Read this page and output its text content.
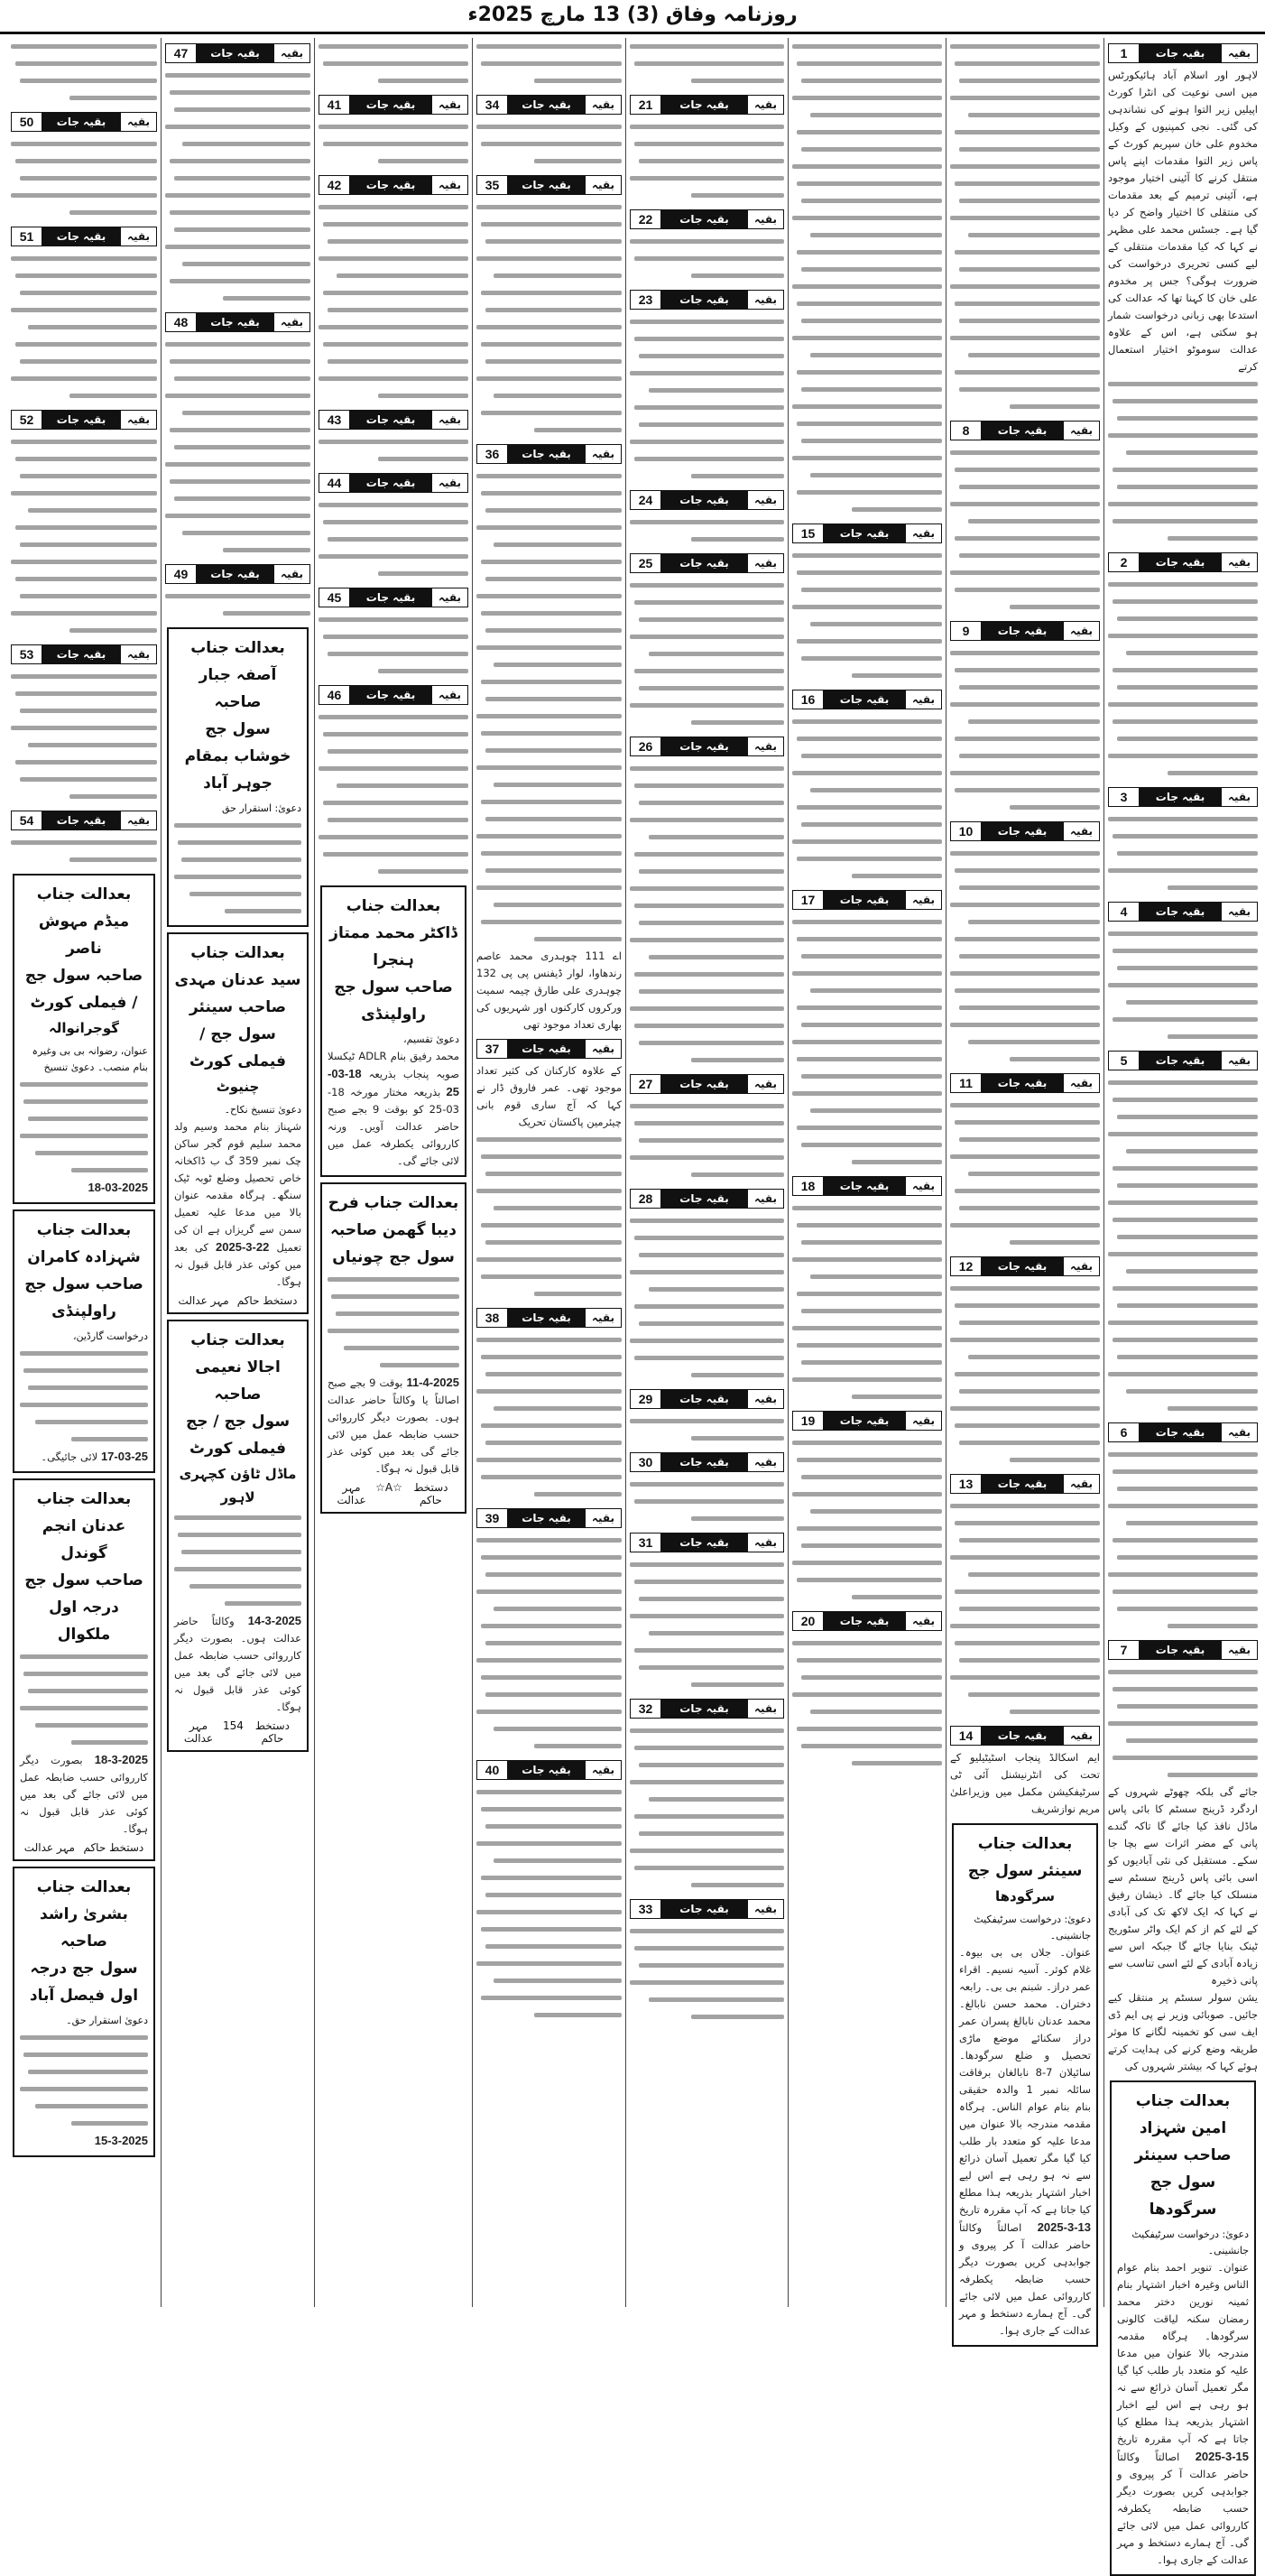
روزنامہ وفاق (3) 13 مارچ 2025ء
بقیہ
بقیہ جات
1
لاہور اور اسلام آباد ہائیکورٹس میں اسی نوعیت کی انٹرا کورٹ اپیلیں زیر التوا ہونے کی نشاندہی کی گئی۔ نجی کمپنیوں کے وکیل مخدوم علی خان سپریم کورٹ کے پاس زیر التوا مقدمات اپنے پاس منتقل کرنے کا آئینی اختیار موجود ہے، آئینی ترمیم کے بعد مقدمات کی منتقلی کا اختیار واضح کر دیا گیا ہے۔ جسٹس محمد علی مظہر نے کہا کہ کیا مقدمات منتقلی کے لیے کسی تحریری درخواست کی ضرورت ہوگی؟ جس پر مخدوم علی خان کا کہنا تھا کہ عدالت کی استدعا بھی زبانی درخواست شمار ہو سکتی ہے، اس کے علاوہ عدالت سوموٹو اختیار استعمال کرتے
بقیہ
بقیہ جات
2
بقیہ
بقیہ جات
3
بقیہ
بقیہ جات
4
بقیہ
بقیہ جات
5
بقیہ
بقیہ جات
6
بقیہ
بقیہ جات
7
جائے گی بلکہ چھوٹے شہروں کے اردگرد ڈرینج سسٹم کا بائی پاس ماڈل نافذ کیا جائے گا تاکہ گندے پانی کے مضر اثرات سے بچا جا سکے۔ مستقبل کی نئی آبادیوں کو اسی بائی پاس ڈرینج سسٹم سے منسلک کیا جائے گا۔ ذیشان رفیق نے کہا کہ ایک لاکھ تک کی آبادی کے لئے کم از کم ایک واٹر سٹوریج ٹینک بنایا جائے گا جبکہ اس سے زیادہ آبادی کے لئے اسی تناسب سے پانی ذخیرہ
یشن سولر سسٹم پر منتقل کیے جائیں۔ صوبائی وزیر نے پی ایم ڈی ایف سی کو تخمینہ لگانے کا موثر طریقہ وضع کرنے کی ہدایت کرتے ہوئے کہا کہ بیشتر شہروں کی
بعدالت جناب امین شہزاد صاحب سینئر
سول جج سرگودھا
دعویٰ: درخواست سرٹیفکیٹ جانشینی۔
عنوان۔ تنویر احمد بنام عوام الناس وغیرہ اخبار اشتہار بنام ثمینہ نورین دختر محمد رمضان سکنہ لیاقت کالونی سرگودھا۔ ہرگاہ مقدمہ مندرجہ بالا عنوان میں مدعا علیہ کو متعدد بار طلب کیا گیا مگر تعمیل آسان ذرائع سے نہ ہو رہی ہے اس لیے اخبار اشتہار بذریعہ ہذا مطلع کیا جاتا ہے کہ آپ مقررہ تاریخ 15-3-2025 اصالتاً وکالتاً حاضر عدالت آ کر پیروی و جوابدہی کریں بصورت دیگر حسب ضابطہ یکطرفہ کارروائی عمل میں لائی جائے گی۔ آج ہمارے دستخط و مہر عدالت کے جاری ہوا۔
بقیہ
بقیہ جات
8
بقیہ
بقیہ جات
9
بقیہ
بقیہ جات
10
بقیہ
بقیہ جات
11
بقیہ
بقیہ جات
12
بقیہ
بقیہ جات
13
بقیہ
بقیہ جات
14
ایم اسکالڈ پنجاب اسٹیٹیلیو کے تحت کی انٹرنیشنل آئی ٹی سرٹیفکیشن مکمل میں وزیراعلیٰ مریم نوازشریف
بعدالت جناب
سینئر سول جج
سرگودھا
دعویٰ: درخواست سرٹیفکیٹ جانشینی۔
عنوان۔ جلاں بی بی بیوہ۔ غلام کوثر۔ آسیہ نسیم۔ اقراء عمر دراز۔ شبنم بی بی۔ رابعہ دختران۔ محمد حسن نابالغ۔ محمد عدنان نابالغ پسران عمر دراز سکنائے موضع ماڑی تحصیل و ضلع سرگودھا۔ سائیلان 7-8 نابالغان برفاقت سائلہ نمبر 1 والدہ حقیقی بنام بنام عوام الناس۔ ہرگاہ مقدمہ مندرجہ بالا عنوان میں مدعا علیہ کو متعدد بار طلب کیا گیا مگر تعمیل آسان ذرائع سے نہ ہو رہی ہے اس لیے اخبار اشتہار بذریعہ ہذا مطلع کیا جاتا ہے کہ آپ مقررہ تاریخ 13-3-2025 اصالتاً وکالتاً حاضر عدالت آ کر پیروی و جوابدہی کریں بصورت دیگر حسب ضابطہ یکطرفہ کارروائی عمل میں لائی جائے گی۔ آج ہمارے دستخط و مہر عدالت کے جاری ہوا۔
بقیہ
بقیہ جات
15
بقیہ
بقیہ جات
16
بقیہ
بقیہ جات
17
بقیہ
بقیہ جات
18
بقیہ
بقیہ جات
19
بقیہ
بقیہ جات
20
بقیہ
بقیہ جات
21
بقیہ
بقیہ جات
22
بقیہ
بقیہ جات
23
بقیہ
بقیہ جات
24
بقیہ
بقیہ جات
25
بقیہ
بقیہ جات
26
بقیہ
بقیہ جات
27
بقیہ
بقیہ جات
28
بقیہ
بقیہ جات
29
بقیہ
بقیہ جات
30
بقیہ
بقیہ جات
31
بقیہ
بقیہ جات
32
بقیہ
بقیہ جات
33
بقیہ
بقیہ جات
34
بقیہ
بقیہ جات
35
بقیہ
بقیہ جات
36
اے 111 چوہدری محمد عاصم رندھاوا، لوار ڈیفنس پی پی 132 چوہدری علی طارق چیمہ سمیت ورکروں کارکنوں اور شہریوں کی بھاری تعداد موجود تھی
بقیہ
بقیہ جات
37
کے علاوہ کارکنان کی کثیر تعداد موجود تھی۔ عمر فاروق ڈار نے کہا کہ آج ساری قوم بانی چیئرمین پاکستان تحریک
بقیہ
بقیہ جات
38
بقیہ
بقیہ جات
39
بقیہ
بقیہ جات
40
بقیہ
بقیہ جات
41
بقیہ
بقیہ جات
42
بقیہ
بقیہ جات
43
بقیہ
بقیہ جات
44
بقیہ
بقیہ جات
45
بقیہ
بقیہ جات
46
بعدالت جناب ڈاکٹر محمد ممتاز ہنجرا
صاحب سول جج راولپنڈی
دعویٰ تقسیم،
محمد رفیق بنام ADLR ٹیکسلا صوبہ پنجاب بذریعہ 18-03-25 بذریعہ مختار مورخہ 18-03-25 کو بوقت 9 بجے صبح حاضر عدالت آویں۔ ورنہ کارروائی یکطرفہ عمل میں لائی جائے گی۔
بعدالت جناب فرح دیبا گھمن صاحبہ
سول جج چونیاں
11-4-2025 بوقت 9 بجے صبح اصالتاً یا وکالتاً حاضر عدالت ہوں۔ بصورت دیگر کارروائی حسب ضابطہ عمل میں لائی جائے گی بعد میں کوئی عذر قابل قبول نہ ہوگا۔
دستخط حاکم
☆A☆
مہر عدالت
بقیہ
بقیہ جات
47
بقیہ
بقیہ جات
48
بقیہ
بقیہ جات
49
بعدالت جناب آصفہ جبار صاحبہ
سول جج خوشاب بمقام جوہر آباد
دعویٰ: استقرار حق
بعدالت جناب سید عدنان مہدی
صاحب سینئر سول جج / فیملی کورٹ
چنیوٹ
دعویٰ تنسیخ نکاح۔
شہناز بنام محمد وسیم ولد محمد سلیم قوم گجر ساکن چک نمبر 359 گ ب ڈاکخانہ خاص تحصیل وضلع ٹوبہ ٹیک سنگھ۔ ہرگاہ مقدمہ عنوان بالا میں مدعا علیہ تعمیل سمن سے گریزاں ہے ان کی تعمیل 22-3-2025 کی بعد میں کوئی عذر قابل قبول نہ ہوگا۔
دستخط حاکم
مہر عدالت
بعدالت جناب اجالا نعیمی صاحبہ
سول جج / جج فیملی کورٹ
ماڈل ٹاؤن کچہری لاہور
14-3-2025 وکالتاً حاضر عدالت ہوں۔ بصورت دیگر کارروائی حسب ضابطہ عمل میں لائی جائے گی بعد میں کوئی عذر قابل قبول نہ ہوگا۔
دستخط حاکم
154
مہر عدالت
بقیہ
بقیہ جات
50
بقیہ
بقیہ جات
51
بقیہ
بقیہ جات
52
بقیہ
بقیہ جات
53
بقیہ
بقیہ جات
54
بعدالت جناب میڈم مہوش ناصر
صاحبہ سول جج / فیملی کورٹ
گوجرانوالہ
عنوان، رضوانہ بی بی وغیرہ بنام منصب۔ دعویٰ تنسیخ
18-03-2025
بعدالت جناب شہزادہ کامران
صاحب سول جج راولپنڈی
درخواست گارڈین،
17-03-25 لائی جائیگی۔
بعدالت جناب عدنان انجم گوندل
صاحب سول جج درجہ اول ملکوال
18-3-2025 بصورت دیگر کارروائی حسب ضابطہ عمل میں لائی جائے گی بعد میں کوئی عذر قابل قبول نہ ہوگا۔
دستخط حاکم
مہر عدالت
بعدالت جناب بشریٰ راشد صاحبہ
سول جج درجہ اول فیصل آباد
دعویٰ استقرار حق۔
15-3-2025
